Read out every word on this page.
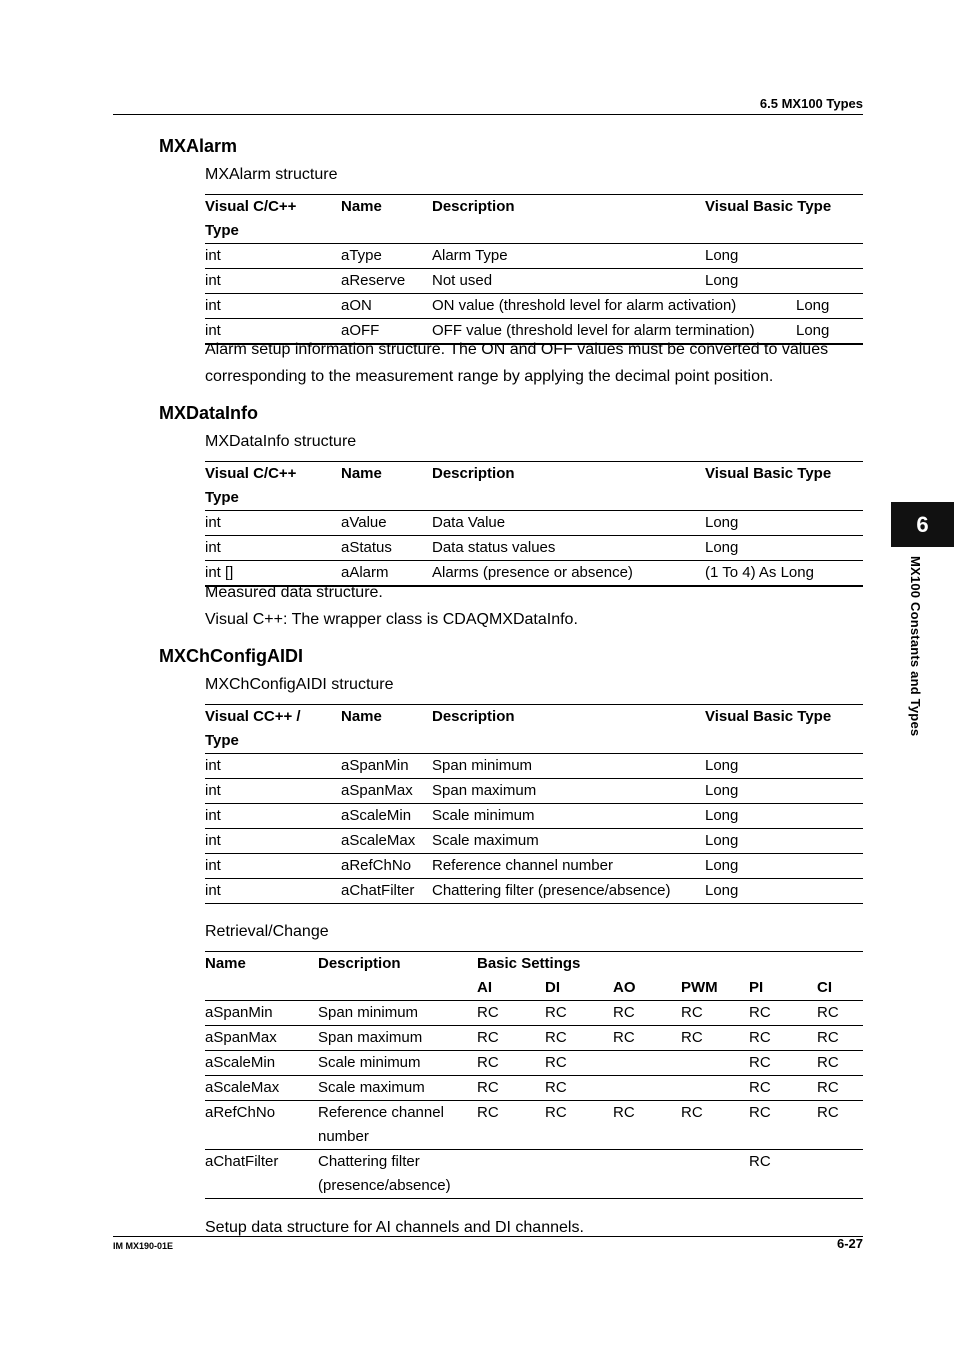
6.5 MX100 Types
IM MX190-01E	6-27
6
MX100 Constants and Types
MXAlarm
MXAlarm structure
Visual C/C++	Name	Description	Visual Basic Type
Type			
int	aType	Alarm Type	Long
int	aReserve	Not used	Long
int	aON	ON value (threshold level for alarm activation) Long	
int	aOFF	OFF value (threshold level for alarm termination) Long	
Alarm setup information structure. The ON and OFF values must be converted to values
corresponding to the measurement range by applying the decimal point position.
MXDataInfo
MXDataInfo structure
Visual C/C++	Name	Description	Visual Basic Type
Type			
int	aValue	Data Value	Long
int	aStatus	Data status values	Long
int []	aAlarm	Alarms (presence or absence)	(1 To 4) As Long
Measured data structure.
Visual C++: The wrapper class is CDAQMXDataInfo.
MXChConfigAIDI
MXChConfigAIDI structure
Visual CC++ /	Name	Description	Visual Basic Type
Type			
int	aSpanMin	Span minimum	Long
int	aSpanMax	Span maximum	Long
int	aScaleMin	Scale minimum	Long
int	aScaleMax	Scale maximum	Long
int	aRefChNo	Reference channel number	Long
int	aChatFilter	Chattering filter (presence/absence)	Long
Retrieval/Change
Name	Description	Basic Settings					
		AI	DI	AO	PWM	PI	CI
aSpanMin	Span minimum	RC	RC	RC	RC	RC	RC
aSpanMax	Span maximum	RC	RC	RC	RC	RC	RC
aScaleMin	Scale minimum	RC	RC			RC	RC
aScaleMax	Scale maximum	RC	RC			RC	RC
aRefChNo	Reference channel
number	RC	RC	RC	RC	RC	RC
aChatFilter	Chattering filter
(presence/absence)					RC	
Setup data structure for AI channels and DI channels.
